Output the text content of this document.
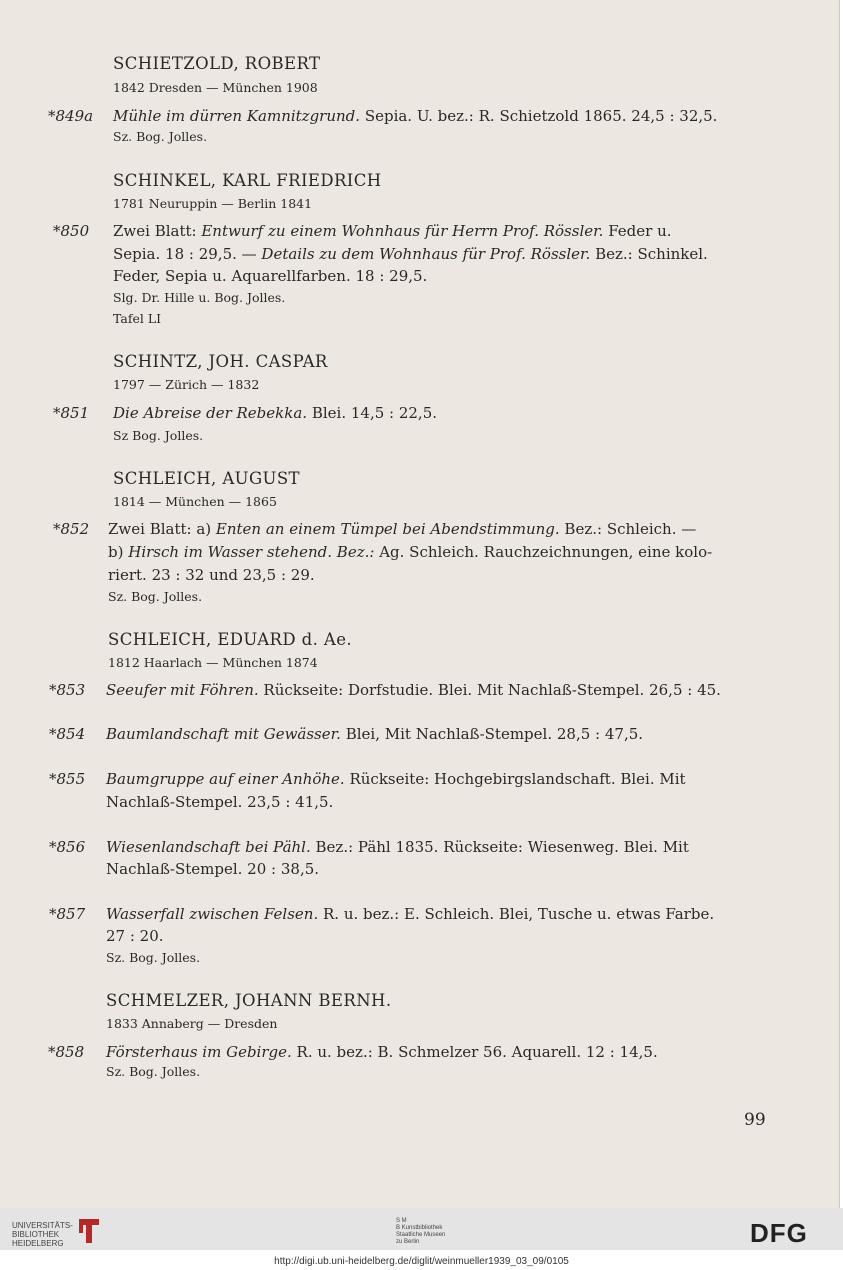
SCHIETZOLD, ROBERT
1842 Dresden — München 1908
*849a Mühle im dürren Kamnitzgrund. Sepia. U. bez.: R. Schietzold 1865. 24,5 : 32,5.
Sz. Bog. Jolles.
SCHINKEL, KARL FRIEDRICH
1781 Neuruppin — Berlin 1841
*850 Zwei Blatt: Entwurf zu einem Wohnhaus für Herrn Prof. Rössler. Feder u.
Sepia. 18 : 29,5. — Details zu dem Wohnhaus für Prof. Rössler. Bez.: Schinkel.
Feder, Sepia u. Aquarellfarben. 18 : 29,5.
Slg. Dr. Hille u. Bog. Jolles.
Tafel LI
SCHINTZ, JOH. CASPAR
1797 — Zürich — 1832
*851 Die Abreise der Rebekka. Blei. 14,5 : 22,5.
Sz Bog. Jolles.
SCHLEICH, AUGUST
1814 — München — 1865
*852 Zwei Blatt: a) Enten an einem Tümpel bei Abendstimmung. Bez.: Schleich. —
b) Hirsch im Wasser stehend. Bez.: Ag. Schleich. Rauchzeichnungen, eine kolo-
riert. 23 : 32 und 23,5 : 29.
Sz. Bog. Jolles.
SCHLEICH, EDUARD d. Ae.
1812 Haarlach — München 1874
*853 Seeufer mit Föhren. Rückseite: Dorfstudie. Blei. Mit Nachlaß-Stempel. 26,5 : 45.
*854 Baumlandschaft mit Gewässer. Blei, Mit Nachlaß-Stempel. 28,5 : 47,5.
*855 Baumgruppe auf einer Anhöhe. Rückseite: Hochgebirgslandschaft. Blei. Mit
Nachlaß-Stempel. 23,5 : 41,5.
*856 Wiesenlandschaft bei Pähl. Bez.: Pähl 1835. Rückseite: Wiesenweg. Blei. Mit
Nachlaß-Stempel. 20 : 38,5.
*857 Wasserfall zwischen Felsen. R. u. bez.: E. Schleich. Blei, Tusche u. etwas Farbe.
27 : 20.
Sz. Bog. Jolles.
SCHMELZER, JOHANN BERNH.
1833 Annaberg — Dresden
*858 Försterhaus im Gebirge. R. u. bez.: B. Schmelzer 56. Aquarell. 12 : 14,5.
Sz. Bog. Jolles.
99
UNIVERSITÄTS-
BIBLIOTHEK
HEIDELBERG
S M
B Kunstbibliothek
Staatliche Museen
zu Berlin	DFG
http://digi.ub.uni-heidelberg.de/diglit/weinmueller1939_03_09/0105
